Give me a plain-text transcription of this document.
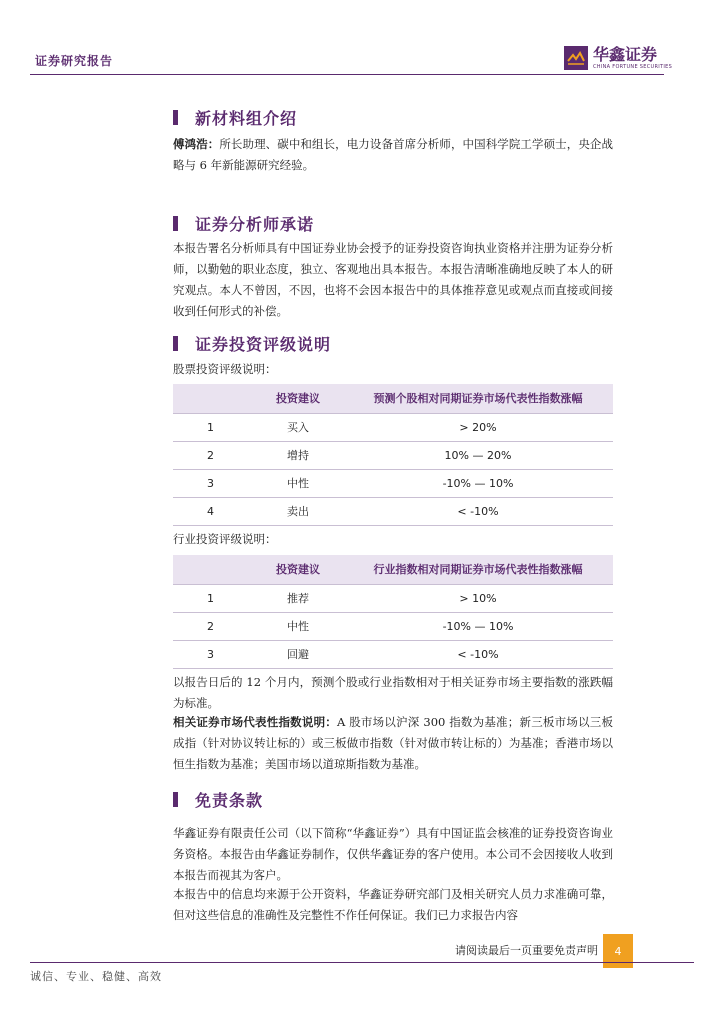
证券研究报告	华鑫证券
CHINA FORTUNE SECURITIES
新材料组介绍
傅鸿浩：所长助理、碳中和组长，电力设备首席分析师，中国科学院工学硕士，央企战略与 6 年新能源研究经验。
证券分析师承诺
本报告署名分析师具有中国证券业协会授予的证券投资咨询执业资格并注册为证券分析师，以勤勉的职业态度，独立、客观地出具本报告。本报告清晰准确地反映了本人的研究观点。本人不曾因，不因，也将不会因本报告中的具体推荐意见或观点而直接或间接收到任何形式的补偿。
证券投资评级说明
股票投资评级说明：
	投资建议	预测个股相对同期证券市场代表性指数涨幅
1	买入	> 20%
2	增持	10% — 20%
3	中性	-10% — 10%
4	卖出	< -10%
行业投资评级说明：
	投资建议	行业指数相对同期证券市场代表性指数涨幅
1	推荐	> 10%
2	中性	-10% — 10%
3	回避	< -10%
以报告日后的 12 个月内，预测个股或行业指数相对于相关证券市场主要指数的涨跌幅为标准。
相关证券市场代表性指数说明：A 股市场以沪深 300 指数为基准；新三板市场以三板成指（针对协议转让标的）或三板做市指数（针对做市转让标的）为基准；香港市场以恒生指数为基准；美国市场以道琼斯指数为基准。
免责条款
华鑫证券有限责任公司（以下简称“华鑫证券”）具有中国证监会核准的证券投资咨询业务资格。本报告由华鑫证券制作，仅供华鑫证券的客户使用。本公司不会因接收人收到本报告而视其为客户。
本报告中的信息均来源于公开资料，华鑫证券研究部门及相关研究人员力求准确可靠，但对这些信息的准确性及完整性不作任何保证。我们已力求报告内容
请阅读最后一页重要免责声明	4
诚信、专业、稳健、高效
